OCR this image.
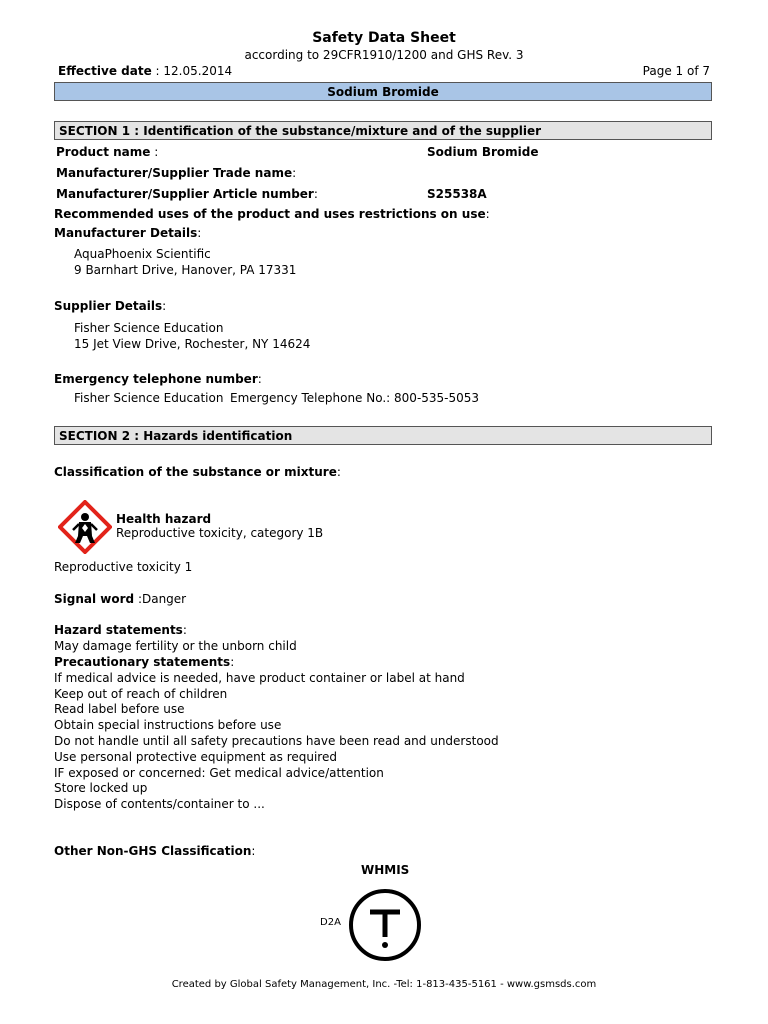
Safety Data Sheet
according to 29CFR1910/1200 and GHS Rev. 3
Effective date : 12.05.2014	Page 1 of 7
Sodium Bromide
SECTION 1 : Identification of the substance/mixture and of the supplier
Product name :	Sodium Bromide
Manufacturer/Supplier Trade name:
Manufacturer/Supplier Article number:	S25538A
Recommended uses of the product and uses restrictions on use:
Manufacturer Details:
AquaPhoenix Scientific
9 Barnhart Drive, Hanover, PA 17331
Supplier Details:
Fisher Science Education
15 Jet View Drive, Rochester, NY 14624
Emergency telephone number:
Fisher Science Education Emergency Telephone No.: 800-535-5053
SECTION 2 : Hazards identification
Classification of the substance or mixture:
Health hazard
Reproductive toxicity, category 1B
Reproductive toxicity 1
Signal word :Danger
Hazard statements:
May damage fertility or the unborn child
Precautionary statements:
If medical advice is needed, have product container or label at hand
Keep out of reach of children
Read label before use
Obtain special instructions before use
Do not handle until all safety precautions have been read and understood
Use personal protective equipment as required
IF exposed or concerned: Get medical advice/attention
Store locked up
Dispose of contents/container to ...
Other Non-GHS Classification:
WHMIS
D2A
Created by Global Safety Management, Inc. -Tel: 1-813-435-5161 - www.gsmsds.com
